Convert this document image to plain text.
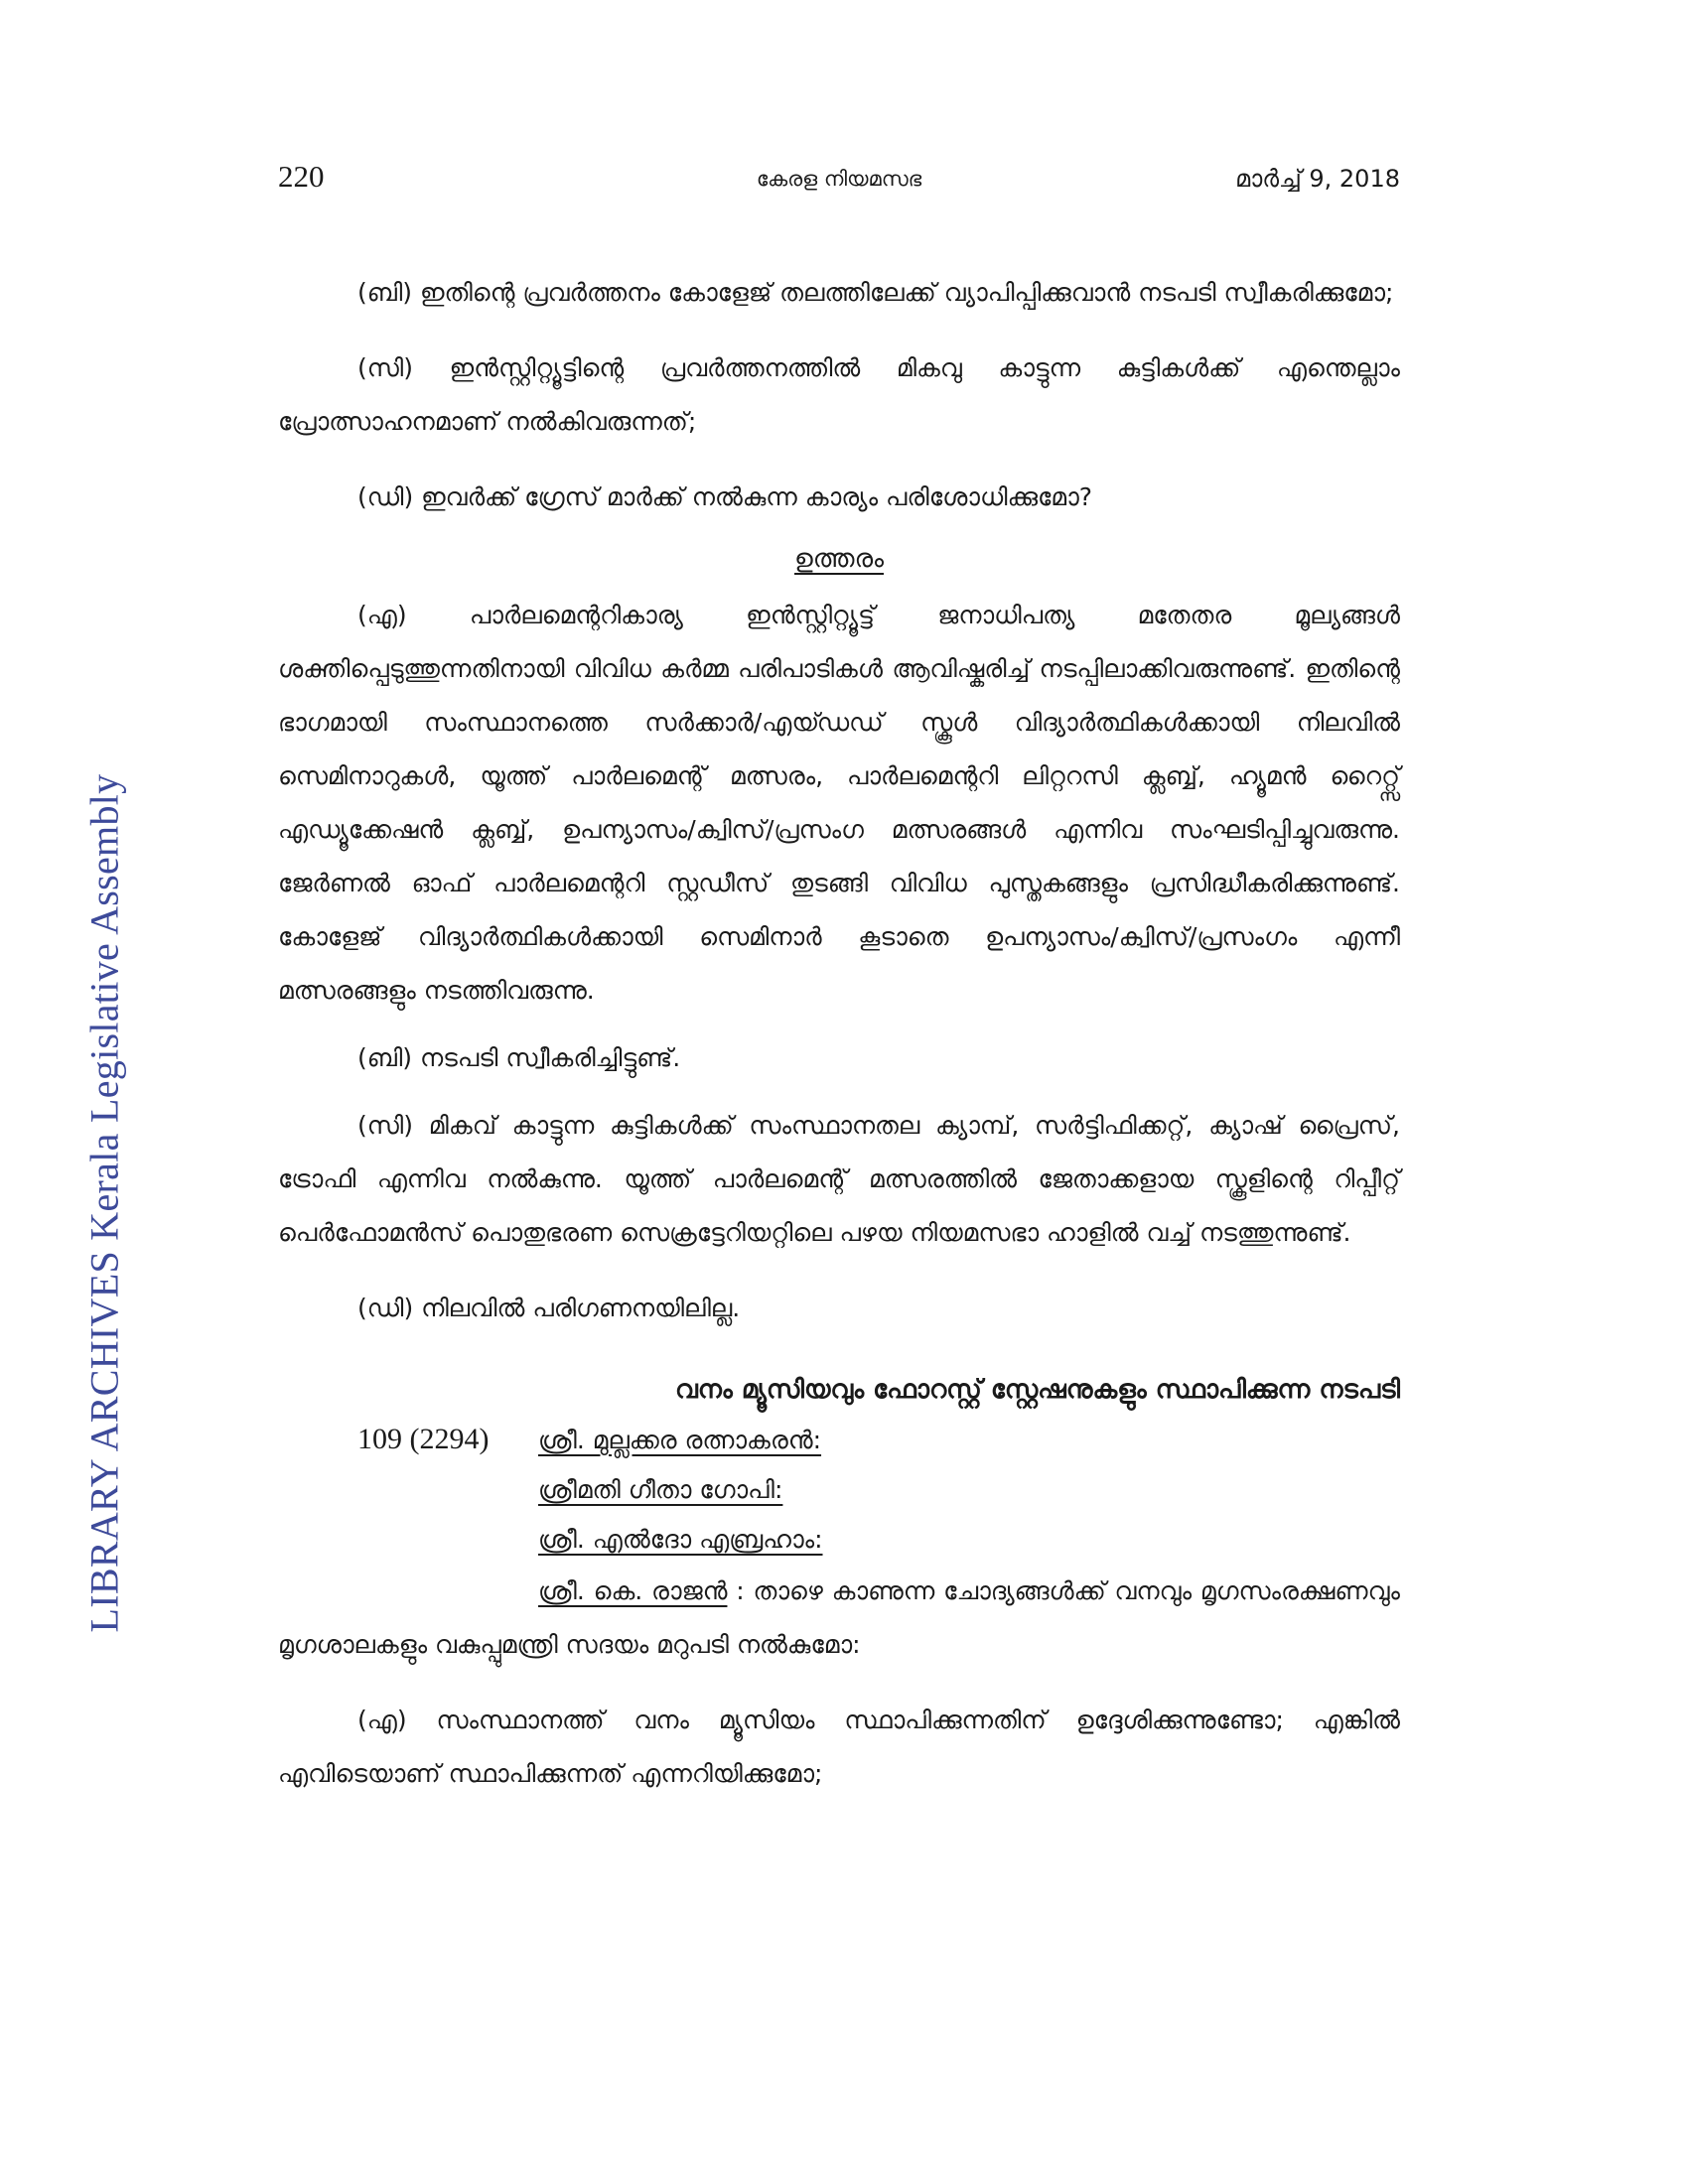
LIBRARY ARCHIVES Kerala Legislative Assembly
220	കേരള നിയമസഭ	മാർച്ച് 9, 2018

(ബി) ഇതിന്റെ പ്രവർത്തനം കോളേജ് തലത്തിലേക്ക് വ്യാപിപ്പിക്കുവാൻ നടപടി സ്വീകരിക്കുമോ;

(സി) ഇൻസ്റ്റിറ്റ്യൂട്ടിന്റെ പ്രവർത്തനത്തിൽ മികവു കാട്ടുന്ന കുട്ടികൾക്ക് എന്തെല്ലാം പ്രോത്സാഹനമാണ് നൽകിവരുന്നത്;

(ഡി) ഇവർക്ക് ഗ്രേസ് മാർക്ക് നൽകുന്ന കാര്യം പരിശോധിക്കുമോ?

ഉത്തരം

(എ) പാർലമെന്ററികാര്യ ഇൻസ്റ്റിറ്റ്യൂട്ട് ജനാധിപത്യ മതേതര മൂല്യങ്ങൾ ശക്തിപ്പെടുത്തുന്നതിനായി വിവിധ കർമ്മ പരിപാടികൾ ആവിഷ്കരിച്ച് നടപ്പിലാക്കിവരുന്നുണ്ട്. ഇതിന്റെ ഭാഗമായി സംസ്ഥാനത്തെ സർക്കാർ/എയ്ഡഡ് സ്കൂൾ വിദ്യാർത്ഥികൾക്കായി നിലവിൽ സെമിനാറുകൾ, യൂത്ത് പാർലമെന്റ് മത്സരം, പാർലമെന്ററി ലിറ്ററസി ക്ലബ്ബ്, ഹ്യൂമൻ റൈറ്റ്സ് എഡ്യൂക്കേഷൻ ക്ലബ്ബ്, ഉപന്യാസം/ക്വിസ്/പ്രസംഗ മത്സരങ്ങൾ എന്നിവ സംഘടിപ്പിച്ചുവരുന്നു. ജേർണൽ ഓഫ് പാർലമെന്ററി സ്റ്റഡീസ് തുടങ്ങി വിവിധ പുസ്തകങ്ങളും പ്രസിദ്ധീകരിക്കുന്നുണ്ട്. കോളേജ് വിദ്യാർത്ഥികൾക്കായി സെമിനാർ കൂടാതെ ഉപന്യാസം/ക്വിസ്/പ്രസംഗം എന്നീ മത്സരങ്ങളും നടത്തിവരുന്നു.

(ബി) നടപടി സ്വീകരിച്ചിട്ടുണ്ട്.

(സി) മികവ് കാട്ടുന്ന കുട്ടികൾക്ക് സംസ്ഥാനതല ക്യാമ്പ്, സർട്ടിഫിക്കറ്റ്, ക്യാഷ് പ്രൈസ്, ട്രോഫി എന്നിവ നൽകുന്നു. യൂത്ത് പാർലമെന്റ് മത്സരത്തിൽ ജേതാക്കളായ സ്കൂളിന്റെ റിപ്പീറ്റ് പെർഫോമൻസ് പൊതുഭരണ സെക്രട്ടേറിയറ്റിലെ പഴയ നിയമസഭാ ഹാളിൽ വച്ച് നടത്തുന്നുണ്ട്.

(ഡി) നിലവിൽ പരിഗണനയിലില്ല.

വനം മ്യൂസിയവും ഫോറസ്റ്റ് സ്റ്റേഷനുകളും സ്ഥാപിക്കുന്ന നടപടി
109 (2294) ശ്രീ. മുല്ലക്കര രത്നാകരൻ:
ശ്രീമതി ഗീതാ ഗോപി:
ശ്രീ. എൽദോ എബ്രഹാം:

ശ്രീ. കെ. രാജൻ : താഴെ കാണുന്ന ചോദ്യങ്ങൾക്ക് വനവും മൃഗസംരക്ഷണവും മൃഗശാലകളും വകുപ്പുമന്ത്രി സദയം മറുപടി നൽകുമോ:

(എ) സംസ്ഥാനത്ത് വനം മ്യൂസിയം സ്ഥാപിക്കുന്നതിന് ഉദ്ദേശിക്കുന്നുണ്ടോ; എങ്കിൽ എവിടെയാണ് സ്ഥാപിക്കുന്നത് എന്നറിയിക്കുമോ;
